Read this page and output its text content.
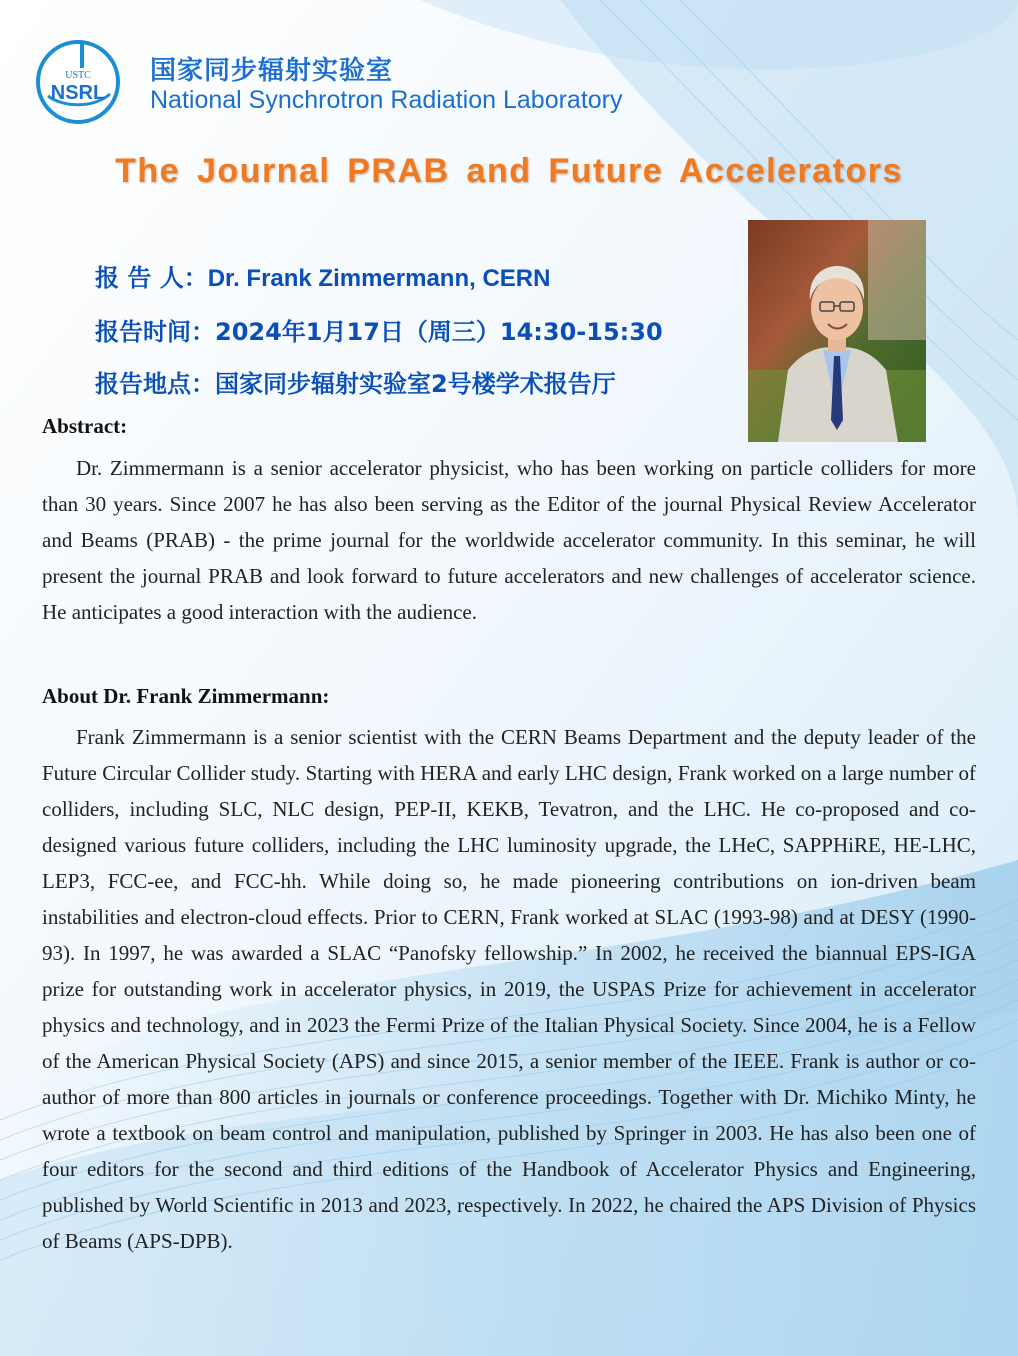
USTC
NSRL
国家同步辐射实验室
National Synchrotron Radiation Laboratory
The Journal PRAB and Future Accelerators
报 告 人：Dr. Frank Zimmermann, CERN
报告时间：2024年1月17日（周三）14:30-15:30
报告地点：国家同步辐射实验室2号楼学术报告厅
Abstract:
Dr. Zimmermann is a senior accelerator physicist, who has been working on particle colliders for more than 30 years. Since 2007 he has also been serving as the Editor of the journal Physical Review Accelerator and Beams (PRAB) - the prime journal for the worldwide accelerator community. In this seminar, he will present the journal PRAB and look forward to future accelerators and new challenges of accelerator science. He anticipates a good interaction with the audience.
About Dr. Frank Zimmermann:
Frank Zimmermann is a senior scientist with the CERN Beams Department and the deputy leader of the Future Circular Collider study. Starting with HERA and early LHC design, Frank worked on a large number of colliders, including SLC, NLC design, PEP-II, KEKB, Tevatron, and the LHC. He co-proposed and co-designed various future colliders, including the LHC luminosity upgrade, the LHeC, SAPPHiRE, HE-LHC, LEP3, FCC-ee, and FCC-hh. While doing so, he made pioneering contributions on ion-driven beam instabilities and electron-cloud effects. Prior to CERN, Frank worked at SLAC (1993-98) and at DESY (1990-93). In 1997, he was awarded a SLAC “Panofsky fellowship.” In 2002, he received the biannual EPS-IGA prize for outstanding work in accelerator physics, in 2019, the USPAS Prize for achievement in accelerator physics and technology, and in 2023 the Fermi Prize of the Italian Physical Society. Since 2004, he is a Fellow of the American Physical Society (APS) and since 2015, a senior member of the IEEE. Frank is author or co-author of more than 800 articles in journals or conference proceedings. Together with Dr. Michiko Minty, he wrote a textbook on beam control and manipulation, published by Springer in 2003. He has also been one of four editors for the second and third editions of the Handbook of Accelerator Physics and Engineering, published by World Scientific in 2013 and 2023, respectively. In 2022, he chaired the APS Division of Physics of Beams (APS-DPB).
